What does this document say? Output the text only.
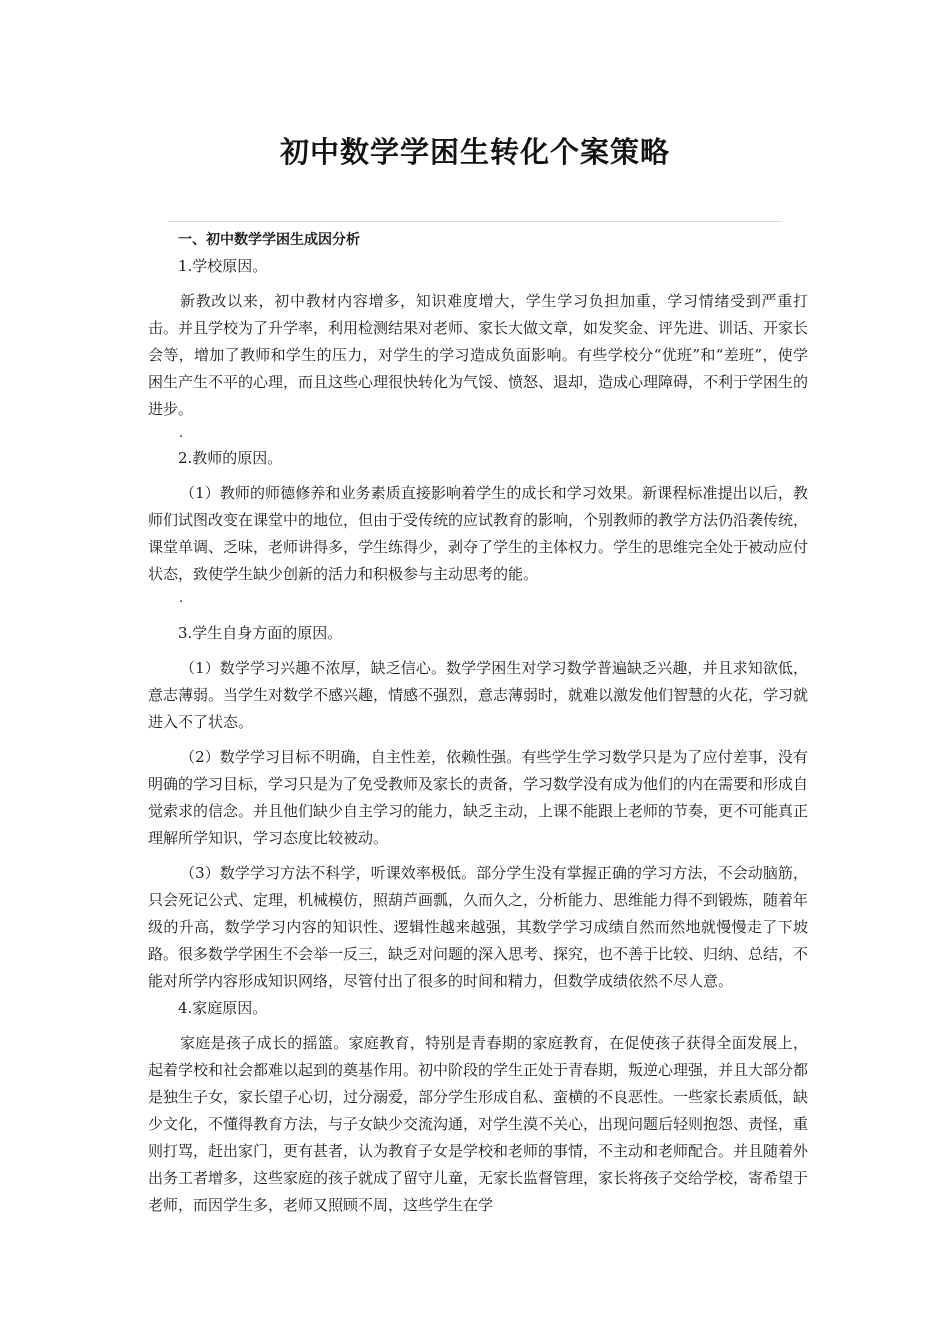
初中数学学困生转化个案策略

一、初中数学学困生成因分析

1.学校原因。

新教改以来，初中教材内容增多，知识难度增大，学生学习负担加重，学习情绪受到严重打击。并且学校为了升学率，利用检测结果对老师、家长大做文章，如发奖金、评先进、训话、开家长会等，增加了教师和学生的压力，对学生的学习造成负面影响。有些学校分“优班”和“差班”，使学困生产生不平的心理，而且这些心理很快转化为气馁、愤怒、退却，造成心理障碍，不利于学困生的进步。

.

2.教师的原因。

（1）教师的师德修养和业务素质直接影响着学生的成长和学习效果。新课程标准提出以后，教师们试图改变在课堂中的地位，但由于受传统的应试教育的影响，个别教师的教学方法仍沿袭传统，课堂单调、乏味，老师讲得多，学生练得少，剥夺了学生的主体权力。学生的思维完全处于被动应付状态，致使学生缺少创新的活力和积极参与主动思考的能。

.

3.学生自身方面的原因。

（1）数学学习兴趣不浓厚，缺乏信心。数学学困生对学习数学普遍缺乏兴趣，并且求知欲低，意志薄弱。当学生对数学不感兴趣，情感不强烈，意志薄弱时，就难以激发他们智慧的火花，学习就进入不了状态。

（2）数学学习目标不明确，自主性差，依赖性强。有些学生学习数学只是为了应付差事，没有明确的学习目标，学习只是为了免受教师及家长的责备，学习数学没有成为他们的内在需要和形成自觉索求的信念。并且他们缺少自主学习的能力，缺乏主动，上课不能跟上老师的节奏，更不可能真正理解所学知识，学习态度比较被动。

（3）数学学习方法不科学，听课效率极低。部分学生没有掌握正确的学习方法，不会动脑筋，只会死记公式、定理，机械模仿，照葫芦画瓢，久而久之，分析能力、思维能力得不到锻炼，随着年级的升高，数学学习内容的知识性、逻辑性越来越强，其数学学习成绩自然而然地就慢慢走了下坡路。很多数学学困生不会举一反三，缺乏对问题的深入思考、探究，也不善于比较、归纳、总结，不能对所学内容形成知识网络，尽管付出了很多的时间和精力，但数学成绩依然不尽人意。

4.家庭原因。

家庭是孩子成长的摇篮。家庭教育，特别是青春期的家庭教育，在促使孩子获得全面发展上，起着学校和社会都难以起到的奠基作用。初中阶段的学生正处于青春期，叛逆心理强，并且大部分都是独生子女，家长望子心切，过分溺爱，部分学生形成自私、蛮横的不良恶性。一些家长素质低，缺少文化，不懂得教育方法，与子女缺少交流沟通，对学生漠不关心，出现问题后轻则抱怨、责怪，重则打骂，赶出家门，更有甚者，认为教育子女是学校和老师的事情，不主动和老师配合。并且随着外出务工者增多，这些家庭的孩子就成了留守儿童，无家长监督管理，家长将孩子交给学校，寄希望于老师，而因学生多，老师又照顾不周，这些学生在学
